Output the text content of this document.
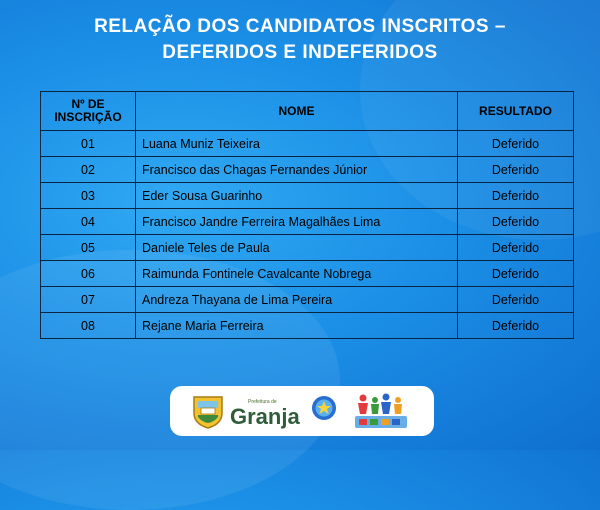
RELAÇÃO DOS CANDIDATOS INSCRITOS –
DEFERIDOS E INDEFERIDOS
Nº DE
INSCRIÇÃO	NOME	RESULTADO
01	Luana Muniz Teixeira	Deferido
02	Francisco das Chagas Fernandes Júnior	Deferido
03	Eder Sousa Guarinho	Deferido
04	Francisco Jandre Ferreira Magalhães Lima	Deferido
05	Daniele Teles de Paula	Deferido
06	Raimunda Fontinele Cavalcante Nobrega	Deferido
07	Andreza Thayana de Lima Pereira	Deferido
08	Rejane Maria Ferreira	Deferido
Prefeitura de
Granja
